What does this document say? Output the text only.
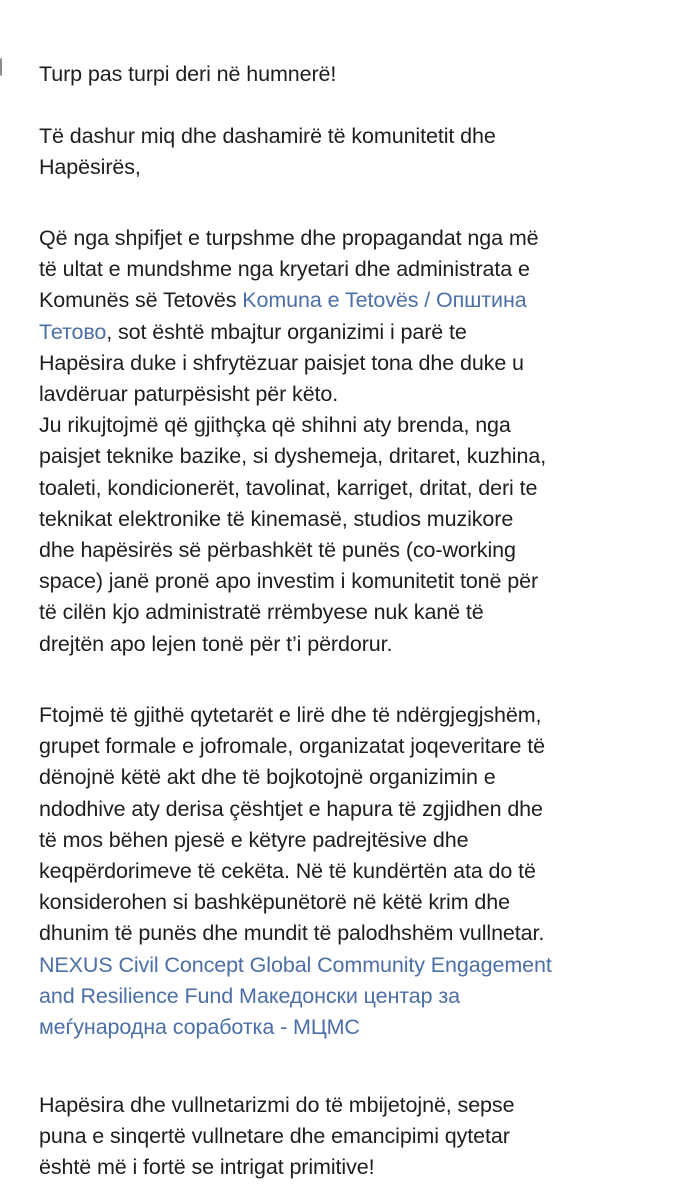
Turp pas turpi deri në humnerë!

Të dashur miq dhe dashamirë të komunitetit dhe
Hapësirës,

Që nga shpifjet e turpshme dhe propagandat nga më
të ultat e mundshme nga kryetari dhe administrata e
Komunës së Tetovës Komuna e Tetovës / Општина
Тетово, sot është mbajtur organizimi i parë te
Hapësira duke i shfrytëzuar paisjet tona dhe duke u
lavdëruar paturpësisht për këto.
Ju rikujtojmë që gjithçka që shihni aty brenda, nga
paisjet teknike bazike, si dyshemeja, dritaret, kuzhina,
toaleti, kondicionerët, tavolinat, karriget, dritat, deri te
teknikat elektronike të kinemasë, studios muzikore
dhe hapësirës së përbashkët të punës (co-working
space) janë pronë apo investim i komunitetit tonë për
të cilën kjo administratë rrëmbyese nuk kanë të
drejtën apo lejen tonë për t’i përdorur.

Ftojmë të gjithë qytetarët e lirë dhe të ndërgjegjshëm,
grupet formale e jofromale, organizatat joqeveritare të
dënojnë këtë akt dhe të bojkotojnë organizimin e
ndodhive aty derisa çështjet e hapura të zgjidhen dhe
të mos bëhen pjesë e këtyre padrejtësive dhe
keqpërdorimeve të cekëta. Në të kundërtën ata do të
konsiderohen si bashkëpunëtorë në këtë krim dhe
dhunim të punës dhe mundit të palodhshëm vullnetar.
NEXUS Civil Concept Global Community Engagement
and Resilience Fund Македонски центар за
меѓународна соработка - МЦМС

Hapësira dhe vullnetarizmi do të mbijetojnë, sepse
puna e sinqertë vullnetare dhe emancipimi qytetar
është më i fortë se intrigat primitive!
